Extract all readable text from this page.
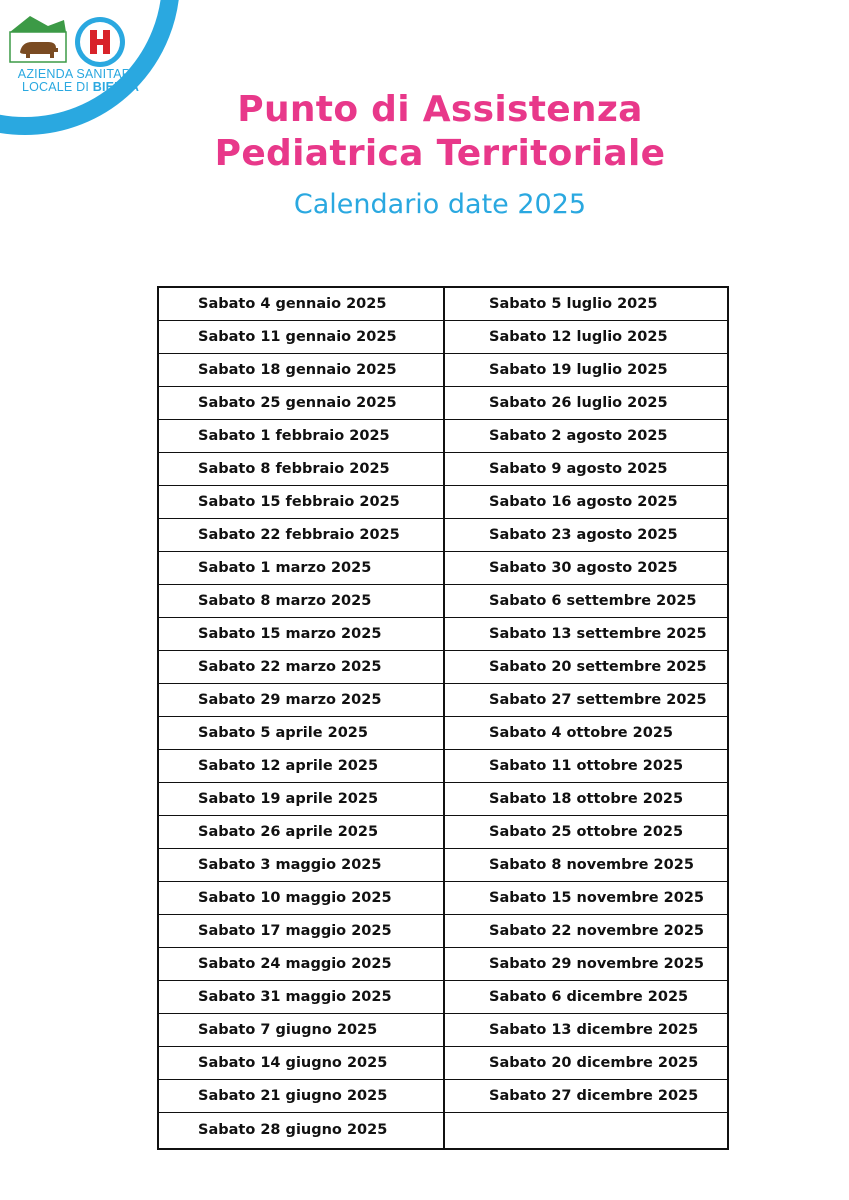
AZIENDA SANITARIA
LOCALE DI BIELLA
Punto di Assistenza
Pediatrica Territoriale
Calendario date 2025
Sabato 4 gennaio 2025
Sabato 11 gennaio 2025
Sabato 18 gennaio 2025
Sabato 25 gennaio 2025
Sabato 1 febbraio 2025
Sabato 8 febbraio 2025
Sabato 15 febbraio 2025
Sabato 22 febbraio 2025
Sabato 1 marzo 2025
Sabato 8 marzo 2025
Sabato 15 marzo 2025
Sabato 22 marzo 2025
Sabato 29 marzo 2025
Sabato 5 aprile 2025
Sabato 12 aprile 2025
Sabato 19 aprile 2025
Sabato 26 aprile 2025
Sabato 3 maggio 2025
Sabato 10 maggio 2025
Sabato 17 maggio 2025
Sabato 24 maggio 2025
Sabato 31 maggio 2025
Sabato 7 giugno 2025
Sabato 14 giugno 2025
Sabato 21 giugno 2025
Sabato 28 giugno 2025
Sabato 5 luglio 2025
Sabato 12 luglio 2025
Sabato 19 luglio 2025
Sabato 26 luglio 2025
Sabato 2 agosto 2025
Sabato 9 agosto 2025
Sabato 16 agosto 2025
Sabato 23 agosto 2025
Sabato 30 agosto 2025
Sabato 6 settembre 2025
Sabato 13 settembre 2025
Sabato 20 settembre 2025
Sabato 27 settembre 2025
Sabato 4 ottobre 2025
Sabato 11 ottobre 2025
Sabato 18 ottobre 2025
Sabato 25 ottobre 2025
Sabato 8 novembre 2025
Sabato 15 novembre 2025
Sabato 22 novembre 2025
Sabato 29 novembre 2025
Sabato 6 dicembre 2025
Sabato 13 dicembre 2025
Sabato 20 dicembre 2025
Sabato 27 dicembre 2025
